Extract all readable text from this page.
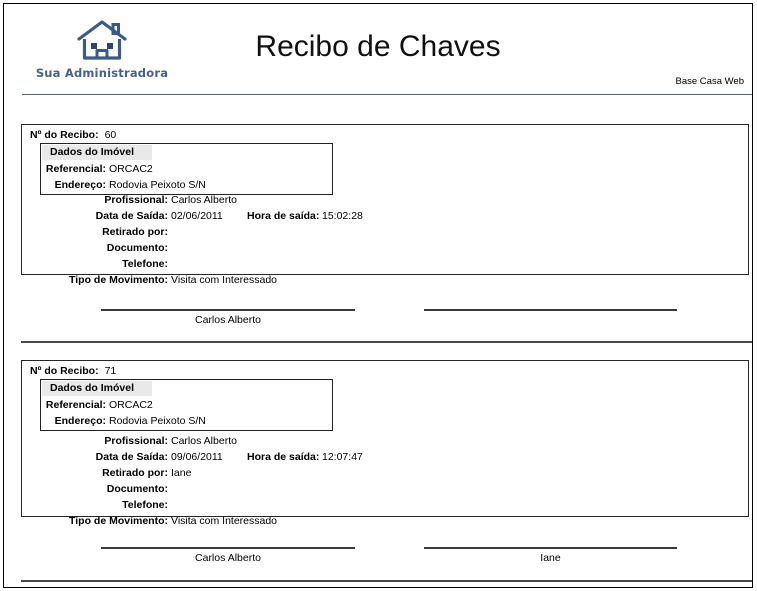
Sua Administradora
Recibo de Chaves
Base Casa Web
Nº do Recibo: 60
Dados do Imóvel
Referencial: ORCAC2
Endereço: Rodovia Peixoto S/N
Profissional: Carlos Alberto
Data de Saída: 02/06/2011 Hora de saída: 15:02:28
Retirado por:
Documento:
Telefone:
Tipo de Movimento: Visita com Interessado
Carlos Alberto
Nº do Recibo: 71
Dados do Imóvel
Referencial: ORCAC2
Endereço: Rodovia Peixoto S/N
Profissional: Carlos Alberto
Data de Saída: 09/06/2011 Hora de saída: 12:07:47
Retirado por: Iane
Documento:
Telefone:
Tipo de Movimento: Visita com Interessado
Carlos Alberto	Iane
